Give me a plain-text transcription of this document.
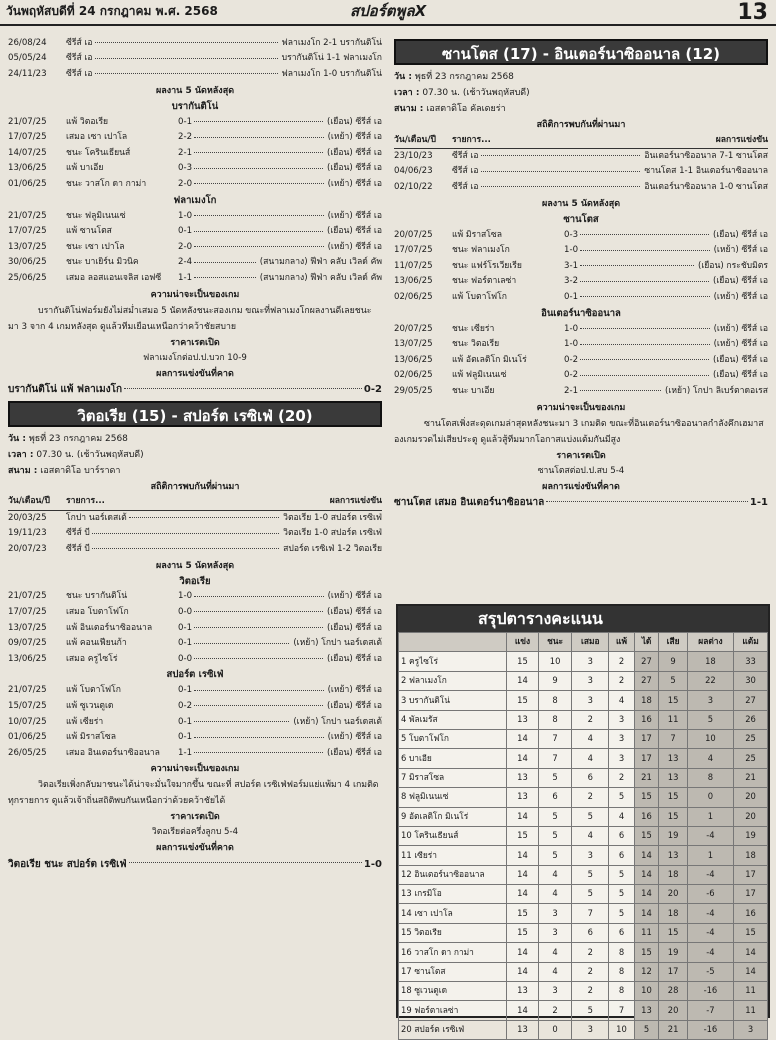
วันพฤหัสบดีที่ 24 กรกฎาคม พ.ศ. 2568	สปอร์ตพูลX	13
26/08/24	ซีรีส์ เอ	ฟลาเมงโก 2-1 บรากันติโน่
05/05/24	ซีรีส์ เอ	บรากันติโน่ 1-1 ฟลาเมงโก
24/11/23	ซีรีส์ เอ	ฟลาเมงโก 1-0 บรากันติโน่
ผลงาน 5 นัดหลังสุด
บรากันติโน่
21/07/25	แพ้ วิตอเรีย	0-1	(เยือน) ซีรีส์ เอ
17/07/25	เสมอ เซา เปาโล	2-2	(เหย้า) ซีรีส์ เอ
14/07/25	ชนะ โครินเธียนส์	2-1	(เยือน) ซีรีส์ เอ
13/06/25	แพ้ บาเอีย	0-3	(เยือน) ซีรีส์ เอ
01/06/25	ชนะ วาสโก ดา กาม่า	2-0	(เหย้า) ซีรีส์ เอ
ฟลาเมงโก
21/07/25	ชนะ ฟลูมิเนนเซ่	1-0	(เหย้า) ซีรีส์ เอ
17/07/25	แพ้ ซานโตส	0-1	(เยือน) ซีรีส์ เอ
13/07/25	ชนะ เซา เปาโล	2-0	(เหย้า) ซีรีส์ เอ
30/06/25	ชนะ บาเยิร์น มิวนิค	2-4	(สนามกลาง) ฟีฟ่า คลับ เวิลด์ คัพ
25/06/25	เสมอ ลอสแอนเจลิส เอฟซี	1-1	(สนามกลาง) ฟีฟ่า คลับ เวิลด์ คัพ
ความน่าจะเป็นของเกม
บรากันติโน่ฟอร์มยังไม่สม่ำเสมอ 5 นัดหลังชนะสองเกม ขณะที่ฟลาเมงโกผลงานดีเลยชนะมา 3 จาก 4 เกมหลังสุด ดูแล้วทีมเยือนเหนือกว่าคว้าชัยสบาย
ราคาเรตเปิด
ฟลาเมงโกต่อป.ป.บวก 10-9
ผลการแข่งขันที่คาด
บรากันติโน่ แพ้ ฟลาเมงโก	0-2
วิตอเรีย (15) - สปอร์ต เรซิเฟ่ (20)
วัน : พุธที่ 23 กรกฎาคม 2568
เวลา : 07.30 น. (เช้าวันพฤหัสบดี)
สนาม : เอสตาดิโอ บาร์ราดา
สถิติการพบกันที่ผ่านมา
วัน/เดือน/ปี	รายการ...	ผลการแข่งขัน
20/03/25	โกปา นอร์เดสเต้	วิตอเรีย 1-0 สปอร์ต เรซิเฟ่
19/11/23	ซีรีส์ บี	วิตอเรีย 1-0 สปอร์ต เรซิเฟ่
20/07/23	ซีรีส์ บี	สปอร์ต เรซิเฟ่ 1-2 วิตอเรีย
ผลงาน 5 นัดหลังสุด
วิตอเรีย
21/07/25	ชนะ บรากันติโน่	1-0	(เหย้า) ซีรีส์ เอ
17/07/25	เสมอ โบตาโฟโก	0-0	(เยือน) ซีรีส์ เอ
13/07/25	แพ้ อินเตอร์นาซิออนาล	0-1	(เยือน) ซีรีส์ เอ
09/07/25	แพ้ คอนเฟียนก้า	0-1	(เหย้า) โกปา นอร์เดสเต้
13/06/25	เสมอ ครูไซโร่	0-0	(เยือน) ซีรีส์ เอ
สปอร์ต เรซิเฟ่
21/07/25	แพ้ โบตาโฟโก	0-1	(เหย้า) ซีรีส์ เอ
15/07/25	แพ้ ซูเวนตูเด	0-2	(เยือน) ซีรีส์ เอ
10/07/25	แพ้ เซียร่า	0-1	(เหย้า) โกปา นอร์เดสเต้
01/06/25	แพ้ มิราสโซล	0-1	(เหย้า) ซีรีส์ เอ
26/05/25	เสมอ อินเตอร์นาซิออนาล	1-1	(เยือน) ซีรีส์ เอ
ความน่าจะเป็นของเกม
วิตอเรียเพิ่งกลับมาชนะได้น่าจะมั่นใจมากขึ้น ขณะที่ สปอร์ต เรซิเฟ่ฟอร์มแย่แพ้มา 4 เกมติดทุกรายการ ดูแล้วเจ้าถิ่นสถิติพบกันเหนือกว่าด้วยคว้าชัยได้
ราคาเรตเปิด
วิตอเรียต่อครึ่งลูกบ 5-4
ผลการแข่งขันที่คาด
วิตอเรีย ชนะ สปอร์ต เรซิเฟ่	1-0
ซานโตส (17) - อินเตอร์นาซิออนาล (12)
วัน : พุธที่ 23 กรกฎาคม 2568
เวลา : 07.30 น. (เช้าวันพฤหัสบดี)
สนาม : เอสตาดิโอ คัลเดยร่า
สถิติการพบกันที่ผ่านมา
วัน/เดือน/ปี	รายการ...	ผลการแข่งขัน
23/10/23	ซีรีส์ เอ	อินเตอร์นาซิออนาล 7-1 ซานโตส
04/06/23	ซีรีส์ เอ	ซานโตส 1-1 อินเตอร์นาซิออนาล
02/10/22	ซีรีส์ เอ	อินเตอร์นาซิออนาล 1-0 ซานโตส
ผลงาน 5 นัดหลังสุด
ซานโตส
20/07/25	แพ้ มิราสโซล	0-3	(เยือน) ซีรีส์ เอ
17/07/25	ชนะ ฟลาเมงโก	1-0	(เหย้า) ซีรีส์ เอ
11/07/25	ชนะ แฟร์โรเวียเรีย	3-1	(เยือน) กระชับมิตร
13/06/25	ชนะ ฟอร์ตาเลซ่า	3-2	(เยือน) ซีรีส์ เอ
02/06/25	แพ้ โบตาโฟโก	0-1	(เหย้า) ซีรีส์ เอ
อินเตอร์นาซิออนาล
20/07/25	ชนะ เซียร่า	1-0	(เหย้า) ซีรีส์ เอ
13/07/25	ชนะ วิตอเรีย	1-0	(เหย้า) ซีรีส์ เอ
13/06/25	แพ้ อัตเลติโก มิเนโร่	0-2	(เยือน) ซีรีส์ เอ
02/06/25	แพ้ ฟลูมิเนนเซ่	0-2	(เยือน) ซีรีส์ เอ
29/05/25	ชนะ บาเอีย	2-1	(เหย้า) โกปา ลิเบร์ตาดอเรส
ความน่าจะเป็นของเกม
ซานโตสเพิ่งสะดุดเกมล่าสุดหลังชนะมา 3 เกมติด ขณะที่อินเตอร์นาซิออนาลกำลังคึกเฮมาสองเกมรวดไม่เสียประตู ดูแล้วสู้ทีมมากโอกาสแบ่งแต้มกันมีสูง
ราคาเรตเปิด
ซานโตสต่อป.ป.สบ 5-4
ผลการแข่งขันที่คาด
ซานโตส เสมอ อินเตอร์นาซิออนาล	1-1
สรุปตารางคะแนน
	แข่ง	ชนะ	เสมอ	แพ้	ได้	เสีย	ผลต่าง	แต้ม
1 ครูไซโร่	15	10	3	2	27	9	18	33
2 ฟลาเมงโก	14	9	3	2	27	5	22	30
3 บรากันติโน่	15	8	3	4	18	15	3	27
4 พัลเมรัส	13	8	2	3	16	11	5	26
5 โบตาโฟโก	14	7	4	3	17	7	10	25
6 บาเอีย	14	7	4	3	17	13	4	25
7 มิราสโซล	13	5	6	2	21	13	8	21
8 ฟลูมิเนนเซ่	13	6	2	5	15	15	0	20
9 อัตเลติโก มิเนโร่	14	5	5	4	16	15	1	20
10 โครินเธียนส์	15	5	4	6	15	19	-4	19
11 เซียร่า	14	5	3	6	14	13	1	18
12 อินเตอร์นาซิออนาล	14	4	5	5	14	18	-4	17
13 เกรมิโอ	14	4	5	5	14	20	-6	17
14 เซา เปาโล	15	3	7	5	14	18	-4	16
15 วิตอเรีย	15	3	6	6	11	15	-4	15
16 วาสโก ดา กาม่า	14	4	2	8	15	19	-4	14
17 ซานโตส	14	4	2	8	12	17	-5	14
18 ซูเวนตูเด	13	3	2	8	10	28	-16	11
19 ฟอร์ตาเลซ่า	14	2	5	7	13	20	-7	11
20 สปอร์ต เรซิเฟ่	13	0	3	10	5	21	-16	3
